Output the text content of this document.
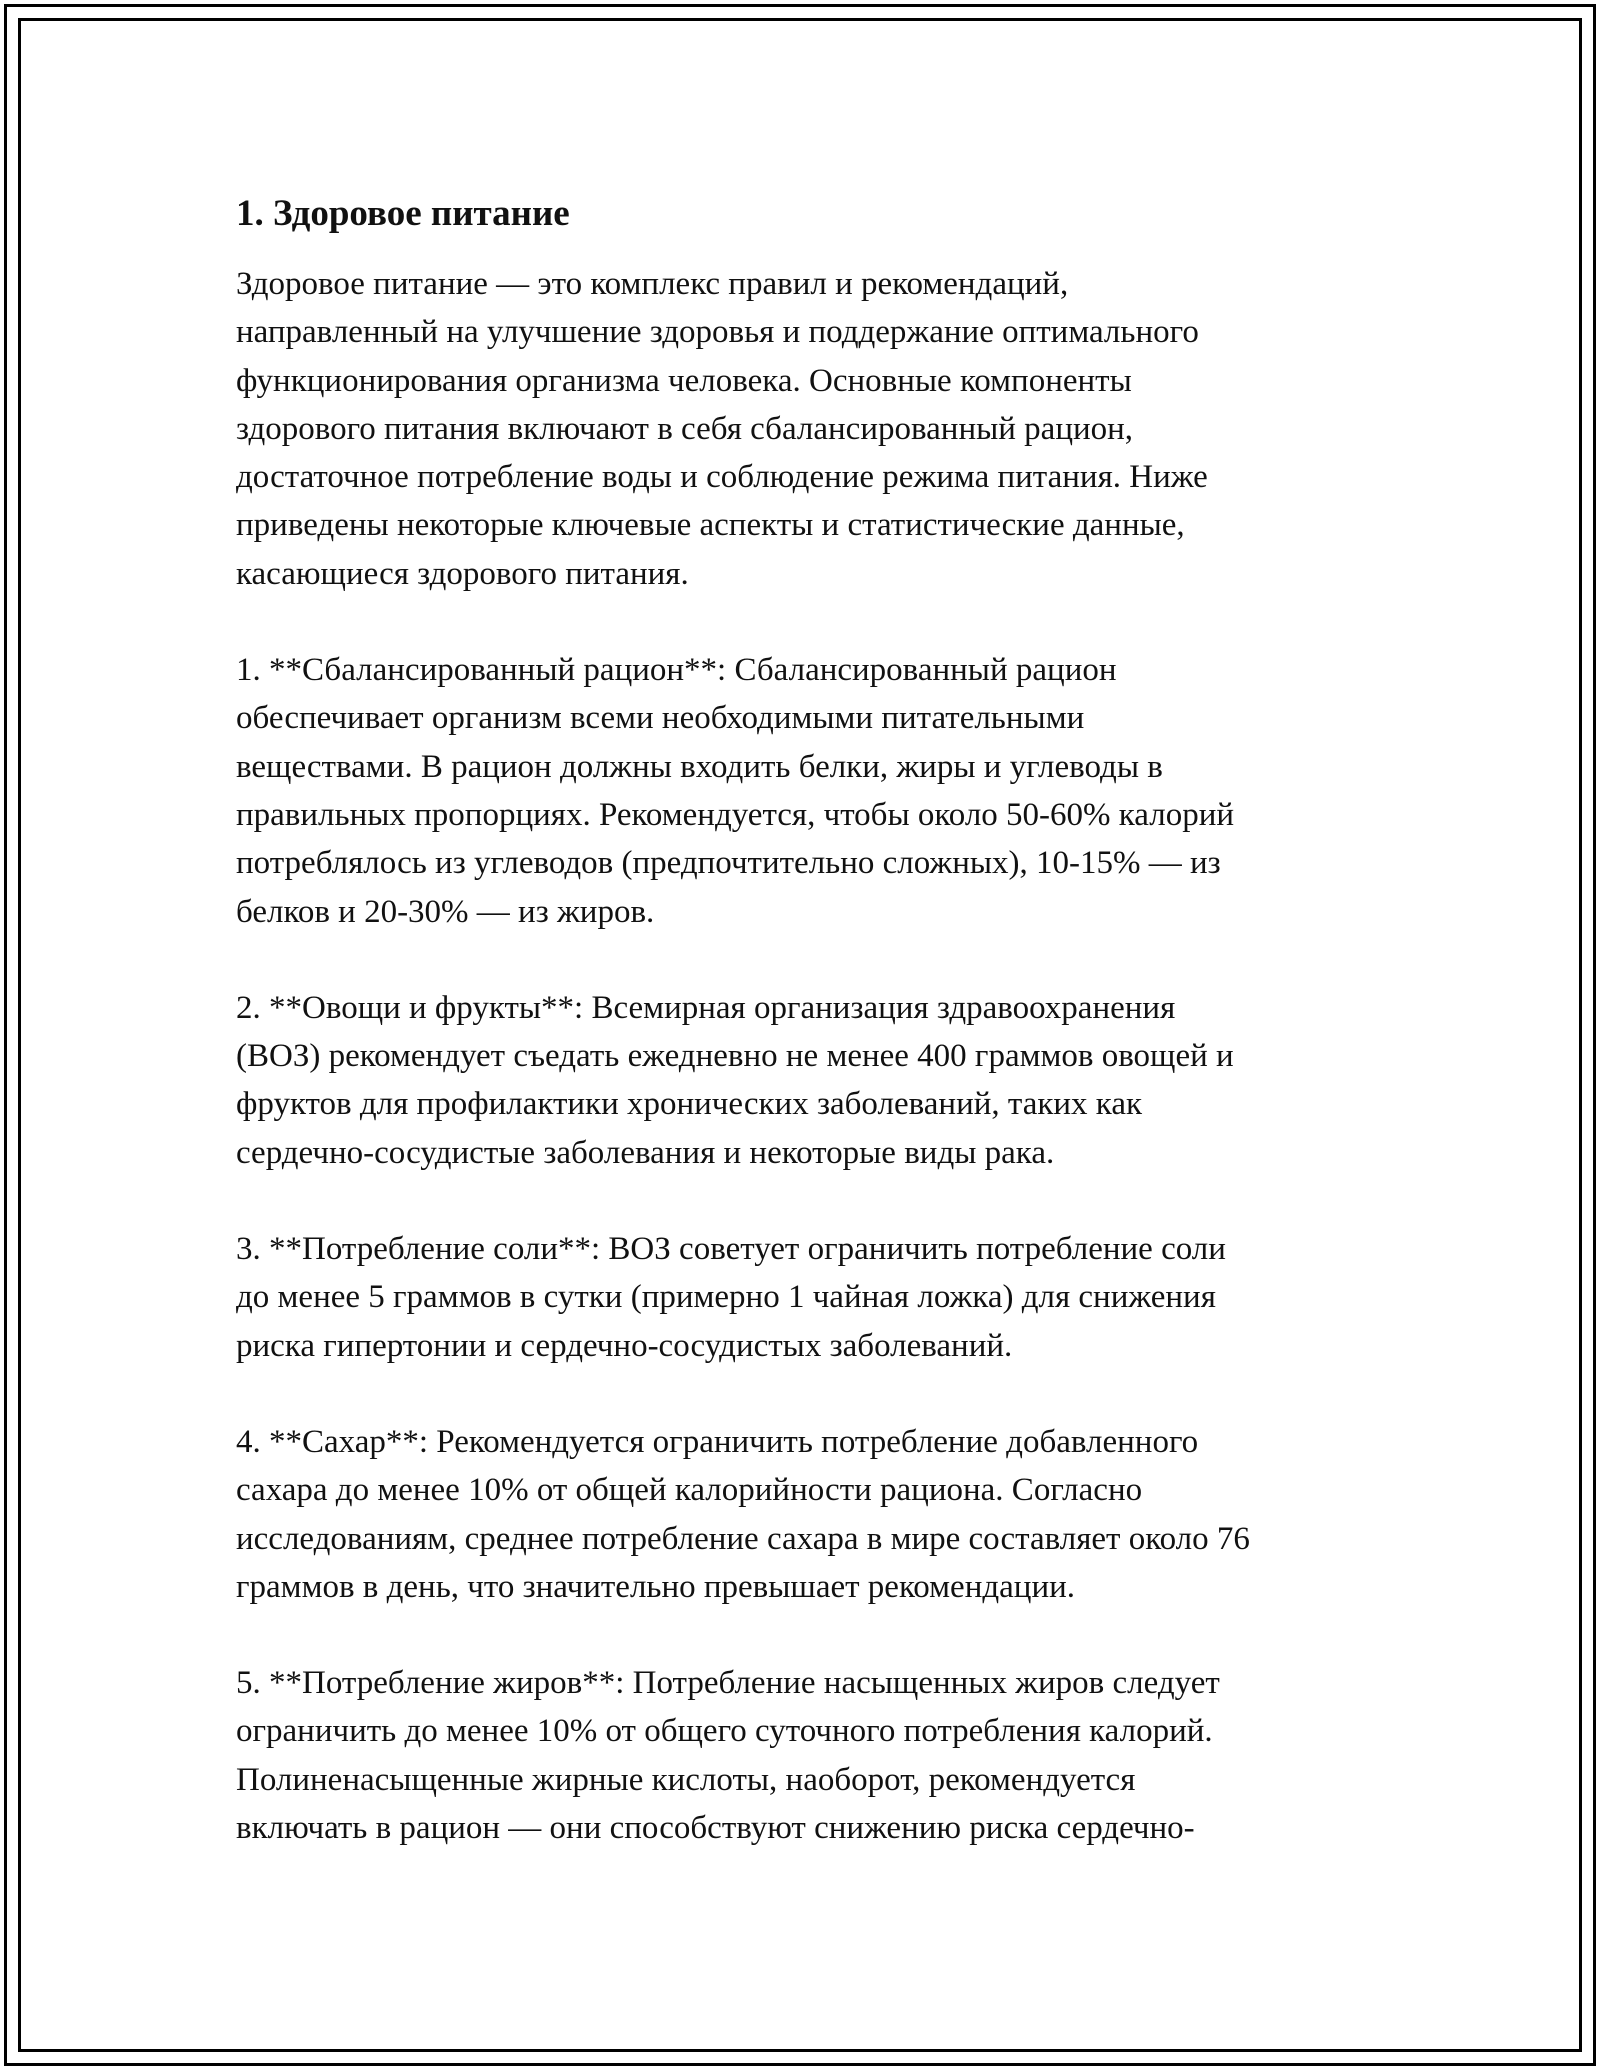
1. Здоровое питание

Здоровое питание — это комплекс правил и рекомендаций,
направленный на улучшение здоровья и поддержание оптимального
функционирования организма человека. Основные компоненты
здорового питания включают в себя сбалансированный рацион,
достаточное потребление воды и соблюдение режима питания. Ниже
приведены некоторые ключевые аспекты и статистические данные,
касающиеся здорового питания.

1. **Сбалансированный рацион**: Сбалансированный рацион
обеспечивает организм всеми необходимыми питательными
веществами. В рацион должны входить белки, жиры и углеводы в
правильных пропорциях. Рекомендуется, чтобы около 50-60% калорий
потреблялось из углеводов (предпочтительно сложных), 10-15% — из
белков и 20-30% — из жиров.

2. **Овощи и фрукты**: Всемирная организация здравоохранения
(ВОЗ) рекомендует съедать ежедневно не менее 400 граммов овощей и
фруктов для профилактики хронических заболеваний, таких как
сердечно-сосудистые заболевания и некоторые виды рака.

3. **Потребление соли**: ВОЗ советует ограничить потребление соли
до менее 5 граммов в сутки (примерно 1 чайная ложка) для снижения
риска гипертонии и сердечно-сосудистых заболеваний.

4. **Сахар**: Рекомендуется ограничить потребление добавленного
сахара до менее 10% от общей калорийности рациона. Согласно
исследованиям, среднее потребление сахара в мире составляет около 76
граммов в день, что значительно превышает рекомендации.

5. **Потребление жиров**: Потребление насыщенных жиров следует
ограничить до менее 10% от общего суточного потребления калорий.
Полиненасыщенные жирные кислоты, наоборот, рекомендуется
включать в рацион — они способствуют снижению риска сердечно-
